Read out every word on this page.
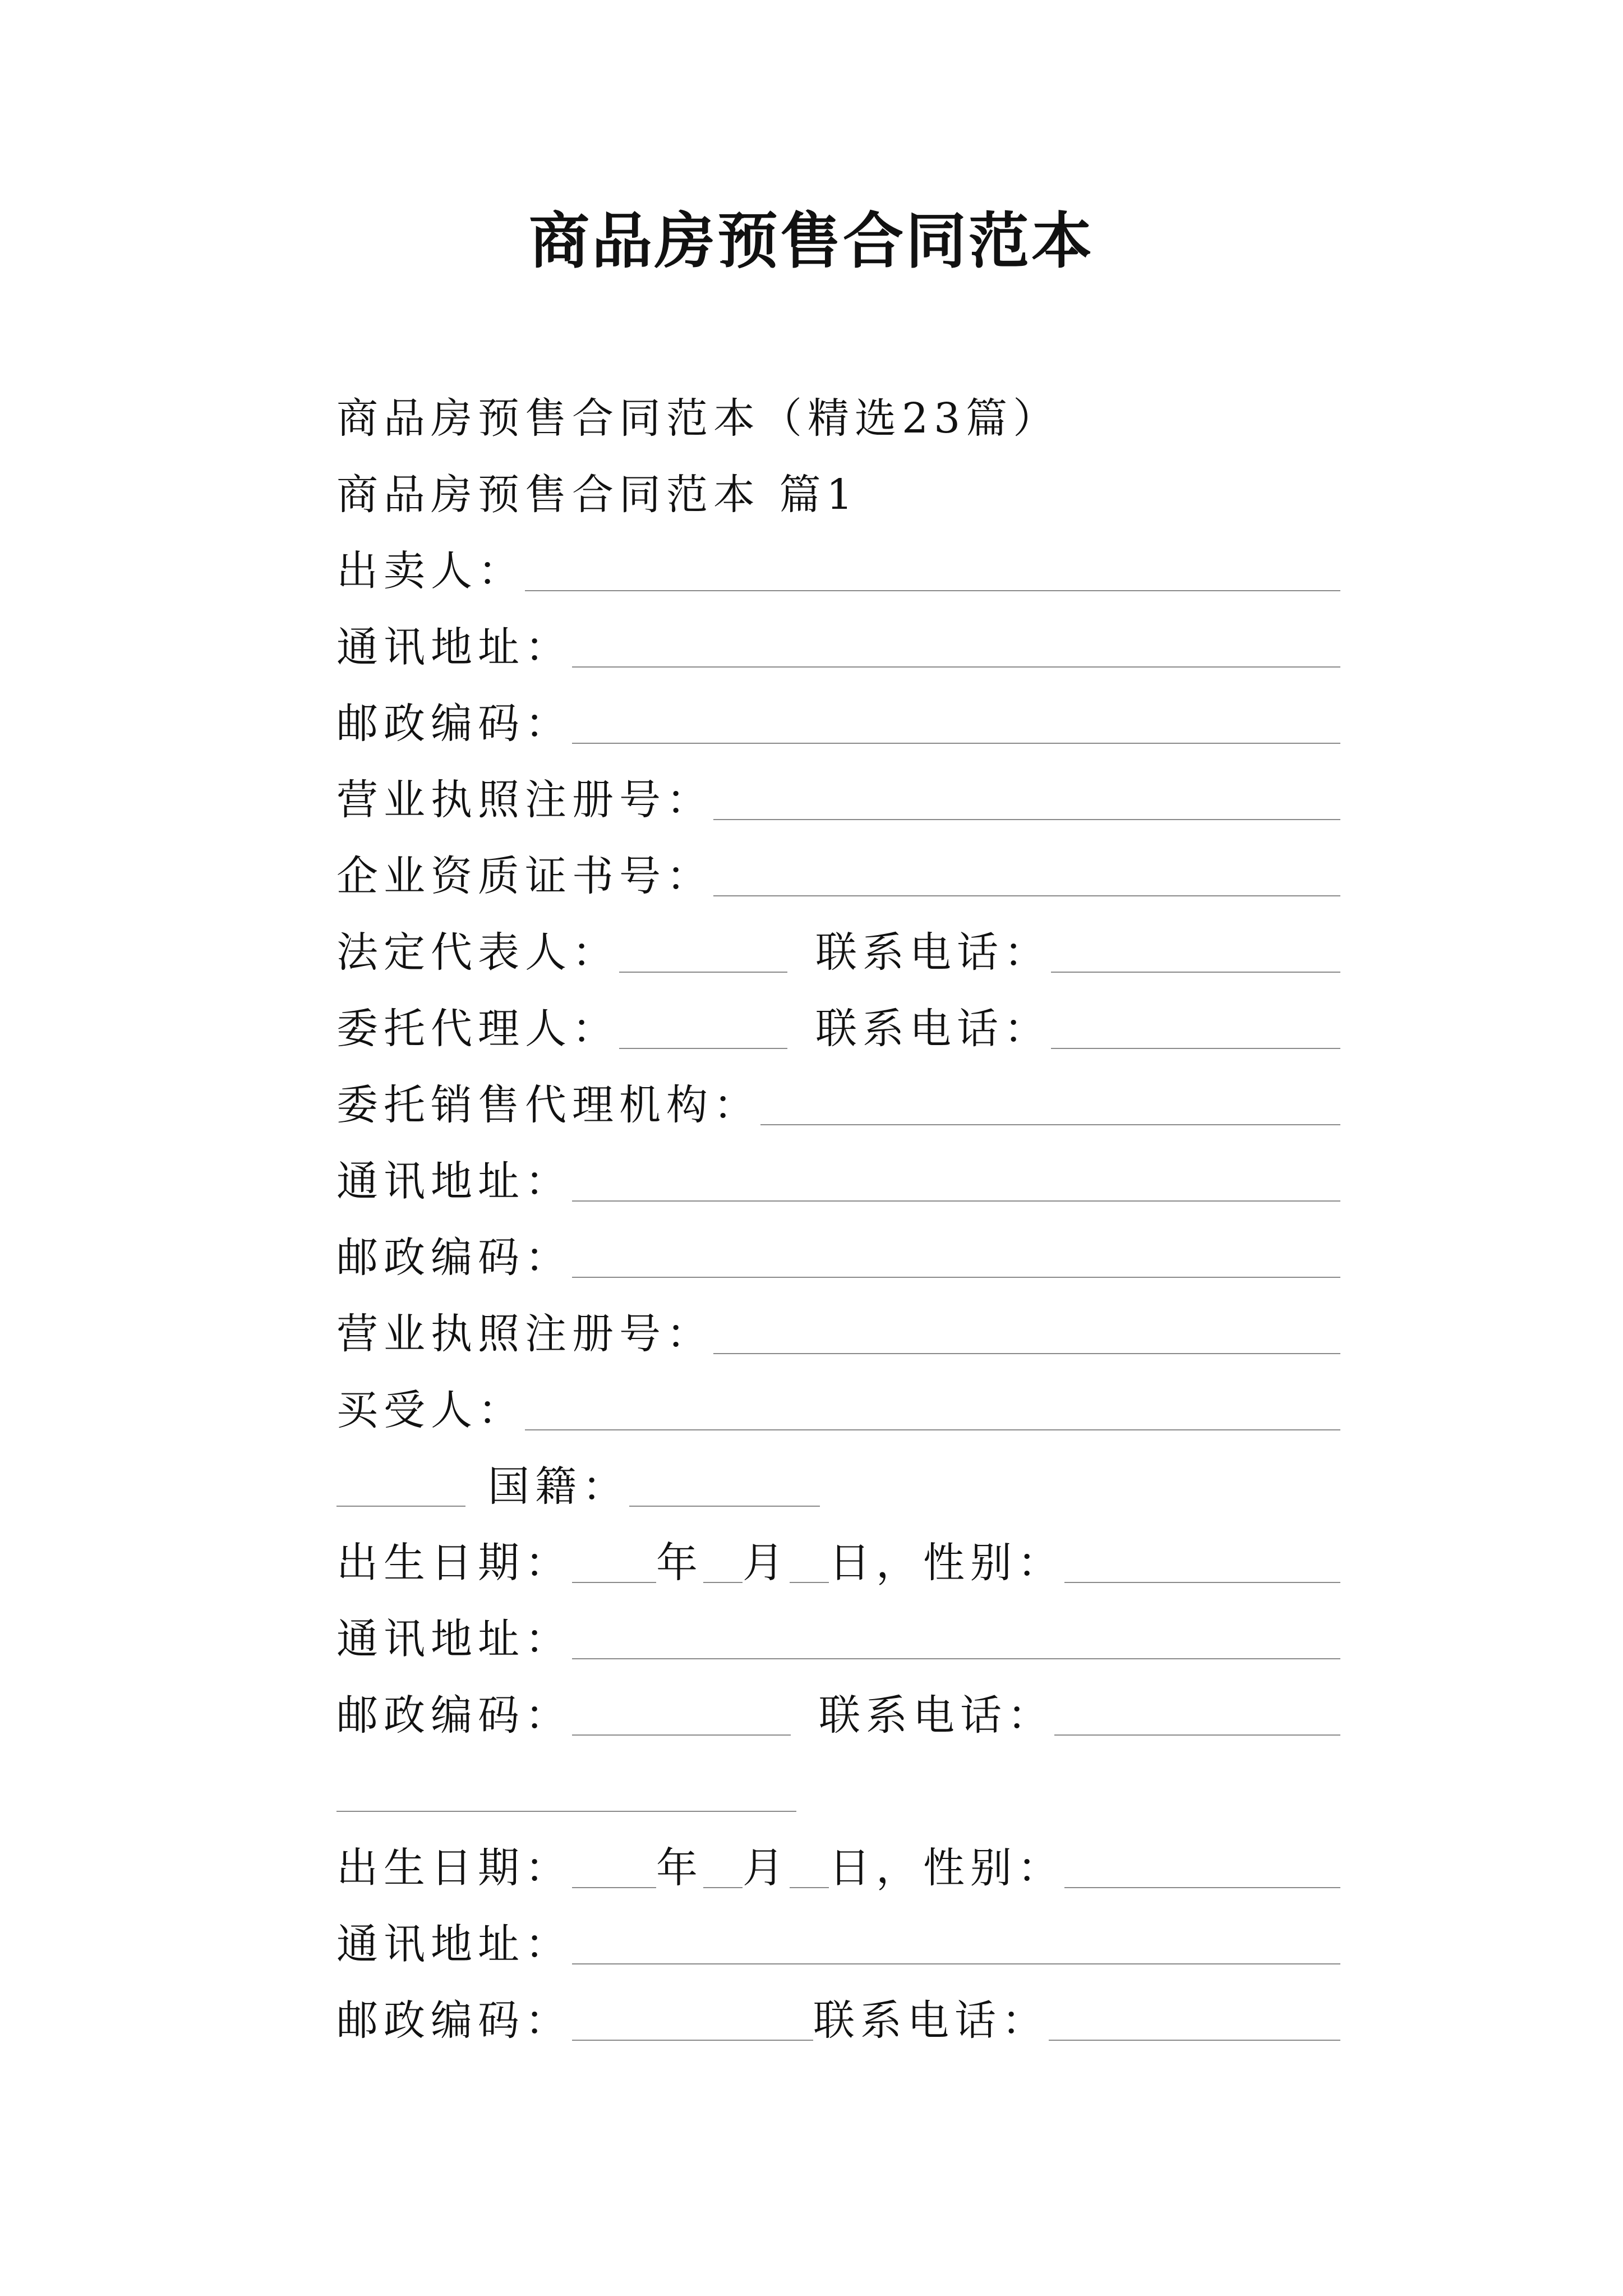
商品房预售合同范本
商品房预售合同范本（精选23篇）
商品房预售合同范本 篇1
出卖人：
通讯地址：
邮政编码：
营业执照注册号：
企业资质证书号：
法定代表人：	联系电话：
委托代理人：	联系电话：
委托销售代理机构：
通讯地址：
邮政编码：
营业执照注册号：
买受人：
国籍：
出生日期： 年 月 日，性别：
通讯地址：
邮政编码：	联系电话：
出生日期： 年 月 日，性别：
通讯地址：
邮政编码：	联系电话：
